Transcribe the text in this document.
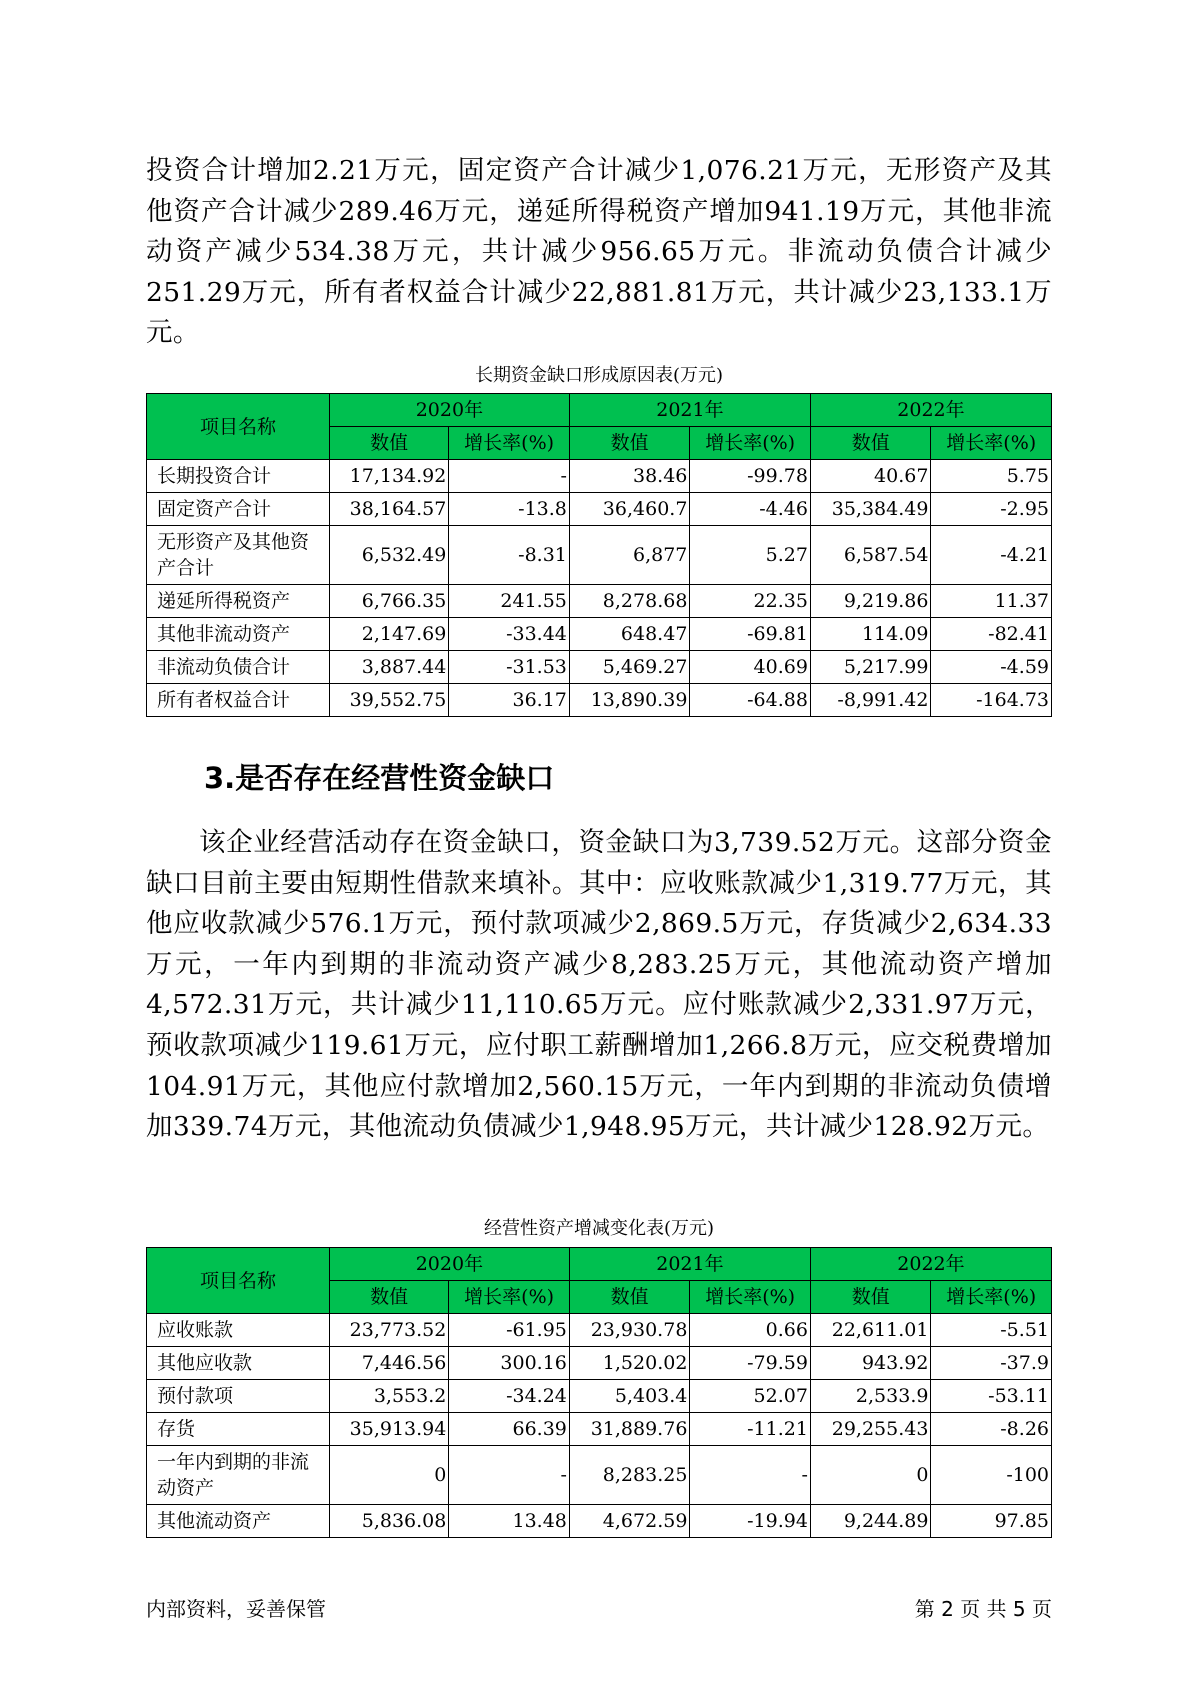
投资合计增加2.21万元，固定资产合计减少1,076.21万元，无形资产及其他资产合计减少289.46万元，递延所得税资产增加941.19万元，其他非流动资产减少534.38万元，共计减少956.65万元。非流动负债合计减少251.29万元，所有者权益合计减少22,881.81万元，共计减少23,133.1万元。

长期资金缺口形成原因表(万元)
项目名称	2020年		2021年		2022年	
	数值	增长率(%)	数值	增长率(%)	数值	增长率(%)
长期投资合计	17,134.92	-	38.46	-99.78	40.67	5.75
固定资产合计	38,164.57	-13.8	36,460.7	-4.46	35,384.49	-2.95
无形资产及其他资产合计	6,532.49	-8.31	6,877	5.27	6,587.54	-4.21
递延所得税资产	6,766.35	241.55	8,278.68	22.35	9,219.86	11.37
其他非流动资产	2,147.69	-33.44	648.47	-69.81	114.09	-82.41
非流动负债合计	3,887.44	-31.53	5,469.27	40.69	5,217.99	-4.59
所有者权益合计	39,552.75	36.17	13,890.39	-64.88	-8,991.42	-164.73
3.是否存在经营性资金缺口

该企业经营活动存在资金缺口，资金缺口为3,739.52万元。这部分资金缺口目前主要由短期性借款来填补。其中：应收账款减少1,319.77万元，其他应收款减少576.1万元，预付款项减少2,869.5万元，存货减少2,634.33万元，一年内到期的非流动资产减少8,283.25万元，其他流动资产增加4,572.31万元，共计减少11,110.65万元。应付账款减少2,331.97万元，预收款项减少119.61万元，应付职工薪酬增加1,266.8万元，应交税费增加104.91万元，其他应付款增加2,560.15万元，一年内到期的非流动负债增加339.74万元，其他流动负债减少1,948.95万元，共计减少128.92万元。

经营性资产增减变化表(万元)
项目名称	2020年		2021年		2022年	
	数值	增长率(%)	数值	增长率(%)	数值	增长率(%)
应收账款	23,773.52	-61.95	23,930.78	0.66	22,611.01	-5.51
其他应收款	7,446.56	300.16	1,520.02	-79.59	943.92	-37.9
预付款项	3,553.2	-34.24	5,403.4	52.07	2,533.9	-53.11
存货	35,913.94	66.39	31,889.76	-11.21	29,255.43	-8.26
一年内到期的非流动资产	0	-	8,283.25	-	0	-100
其他流动资产	5,836.08	13.48	4,672.59	-19.94	9,244.89	97.85
内部资料，妥善保管	第 2 页 共 5 页
